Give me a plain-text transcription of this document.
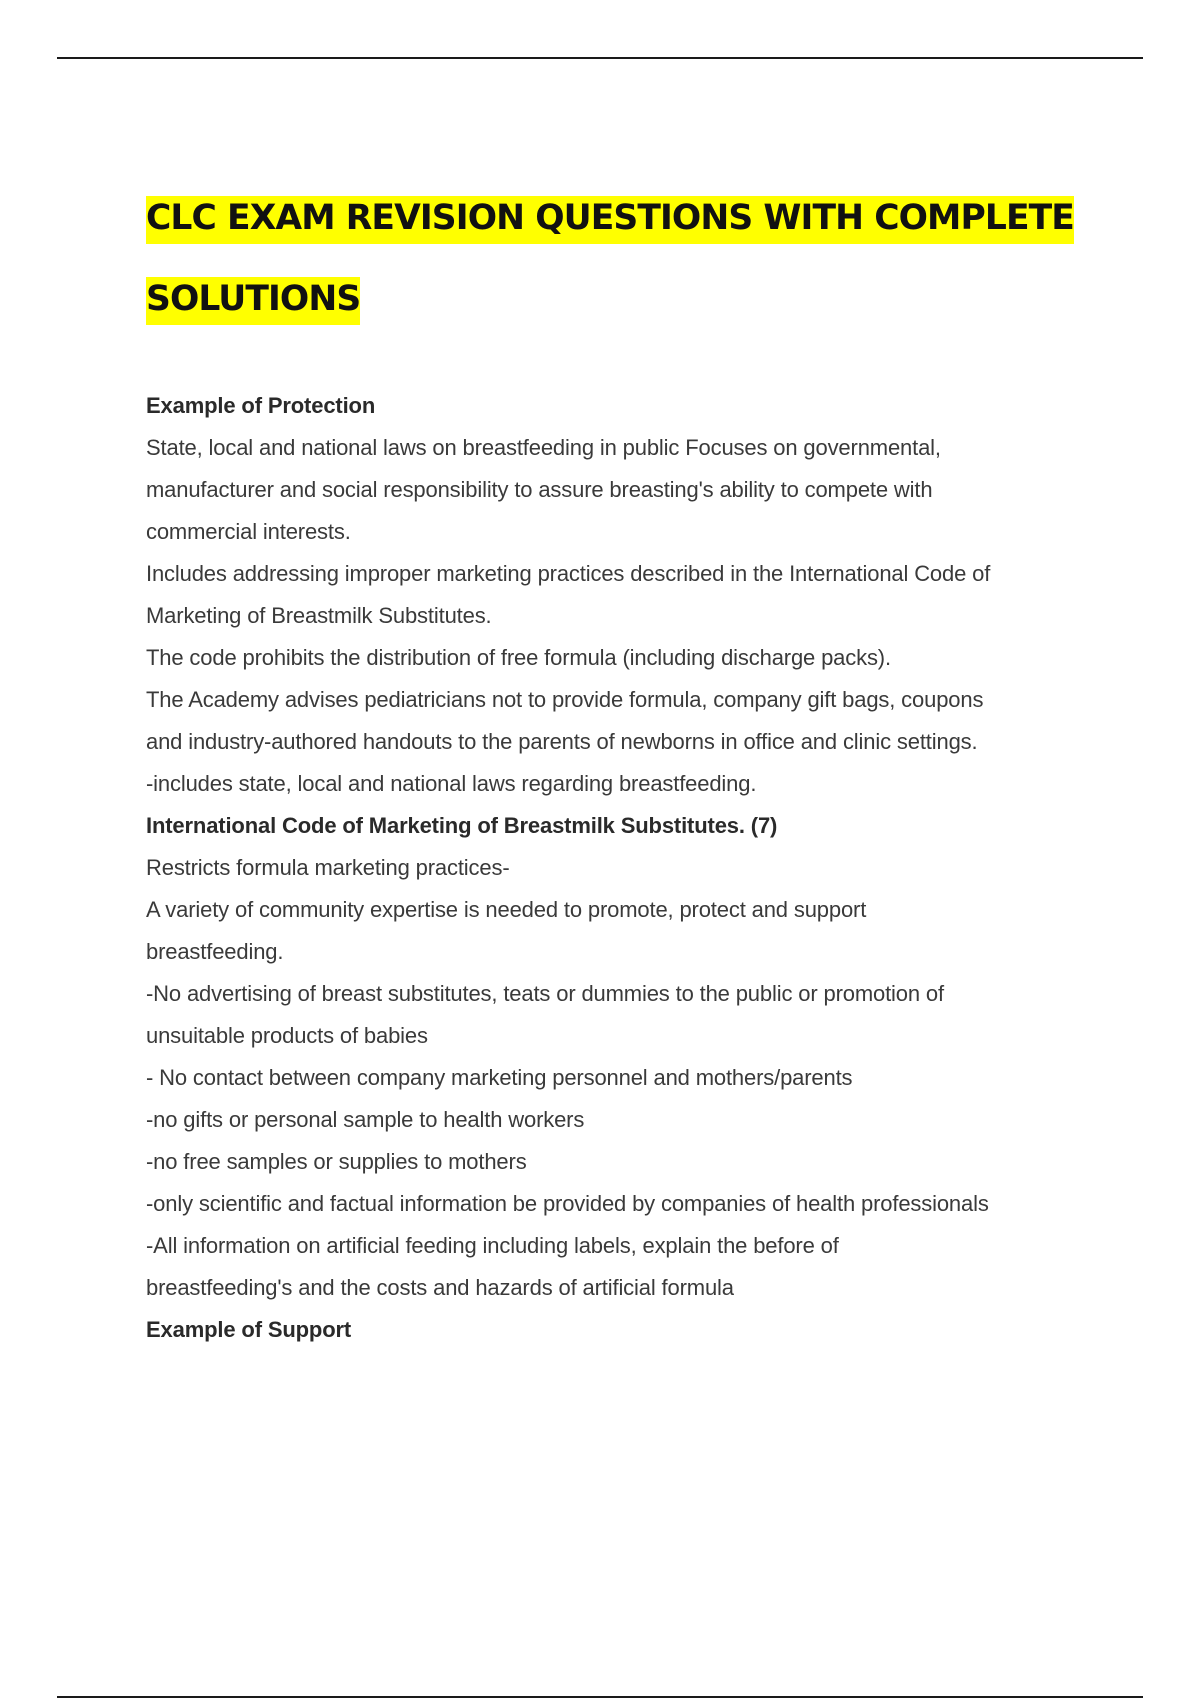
CLC EXAM REVISION QUESTIONS WITH COMPLETE
SOLUTIONS
Example of Protection
State, local and national laws on breastfeeding in public Focuses on governmental,
manufacturer and social responsibility to assure breasting's ability to compete with
commercial interests.
Includes addressing improper marketing practices described in the International Code of
Marketing of Breastmilk Substitutes.
The code prohibits the distribution of free formula (including discharge packs).
The Academy advises pediatricians not to provide formula, company gift bags, coupons
and industry-authored handouts to the parents of newborns in office and clinic settings.
-includes state, local and national laws regarding breastfeeding.
International Code of Marketing of Breastmilk Substitutes. (7)
Restricts formula marketing practices-
A variety of community expertise is needed to promote, protect and support
breastfeeding.
-No advertising of breast substitutes, teats or dummies to the public or promotion of
unsuitable products of babies
- No contact between company marketing personnel and mothers/parents
-no gifts or personal sample to health workers
-no free samples or supplies to mothers
-only scientific and factual information be provided by companies of health professionals
-All information on artificial feeding including labels, explain the before of
breastfeeding's and the costs and hazards of artificial formula
Example of Support
